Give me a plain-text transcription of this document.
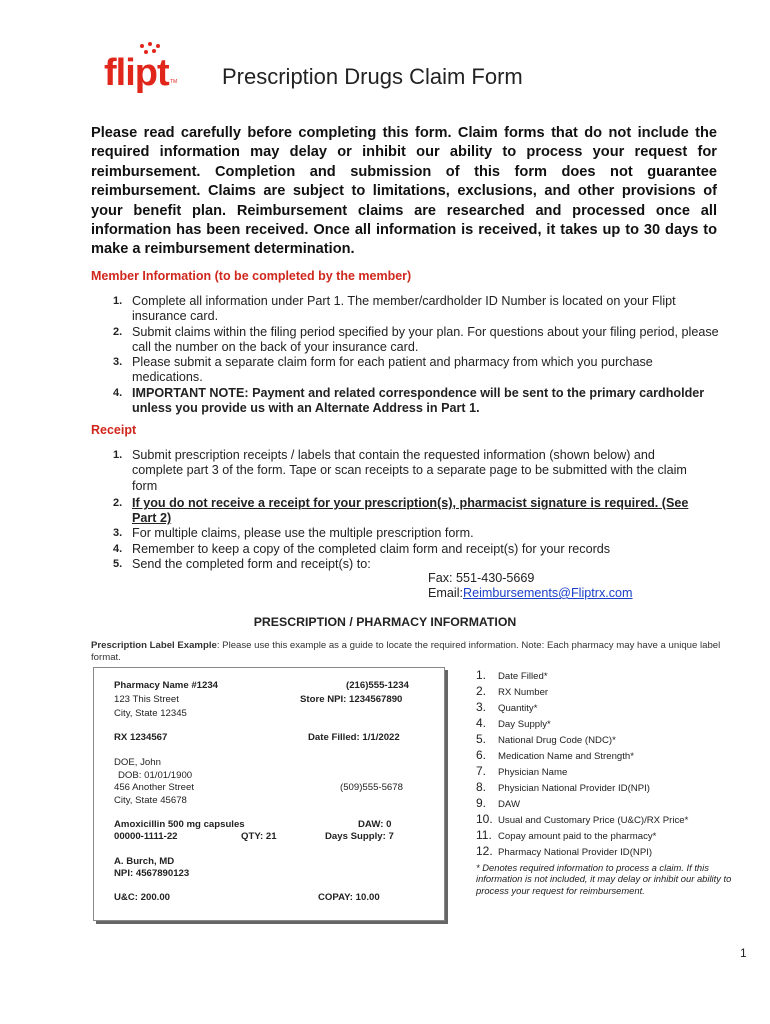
flipt TM Prescription Drugs Claim Form
Please read carefully before completing this form. Claim forms that do not include the required information may delay or inhibit our ability to process your request for reimbursement. Completion and submission of this form does not guarantee reimbursement. Claims are subject to limitations, exclusions, and other provisions of your benefit plan. Reimbursement claims are researched and processed once all information has been received. Once all information is received, it takes up to 30 days to make a reimbursement determination.
Member Information (to be completed by the member)
1. Complete all information under Part 1. The member/cardholder ID Number is located on your Flipt insurance card.
2. Submit claims within the filing period specified by your plan. For questions about your filing period, please call the number on the back of your insurance card.
3. Please submit a separate claim form for each patient and pharmacy from which you purchase medications.
4. IMPORTANT NOTE: Payment and related correspondence will be sent to the primary cardholder unless you provide us with an Alternate Address in Part 1.
Receipt
1. Submit prescription receipts / labels that contain the requested information (shown below) and complete part 3 of the form. Tape or scan receipts to a separate page to be submitted with the claim form
2. If you do not receive a receipt for your prescription(s), pharmacist signature is required. (See Part 2)
3. For multiple claims, please use the multiple prescription form.
4. Remember to keep a copy of the completed claim form and receipt(s) for your records
5. Send the completed form and receipt(s) to:
Fax: 551-430-5669
Email:Reimbursements@Fliptrx.com
PRESCRIPTION / PHARMACY INFORMATION
Prescription Label Example: Please use this example as a guide to locate the required information. Note: Each pharmacy may have a unique label format.
Pharmacy Name #1234	(216)555-1234
123 This Street	Store NPI: 1234567890
City, State 12345
RX 1234567	Date Filled: 1/1/2022
DOE, John
DOB: 01/01/1900
456 Another Street	(509)555-5678
City, State 45678
Amoxicillin 500 mg capsules	DAW: 0
00000-1111-22	QTY: 21	Days Supply: 7
A. Burch, MD
NPI: 4567890123
U&C: 200.00	COPAY: 10.00
1. Date Filled*
2. RX Number
3. Quantity*
4. Day Supply*
5. National Drug Code (NDC)*
6. Medication Name and Strength*
7. Physician Name
8. Physician National Provider ID(NPI)
9. DAW
10. Usual and Customary Price (U&C)/RX Price*
11. Copay amount paid to the pharmacy*
12. Pharmacy National Provider ID(NPI)
* Denotes required information to process a claim. If this information is not included, it may delay or inhibit our ability to process your request for reimbursement.
1
